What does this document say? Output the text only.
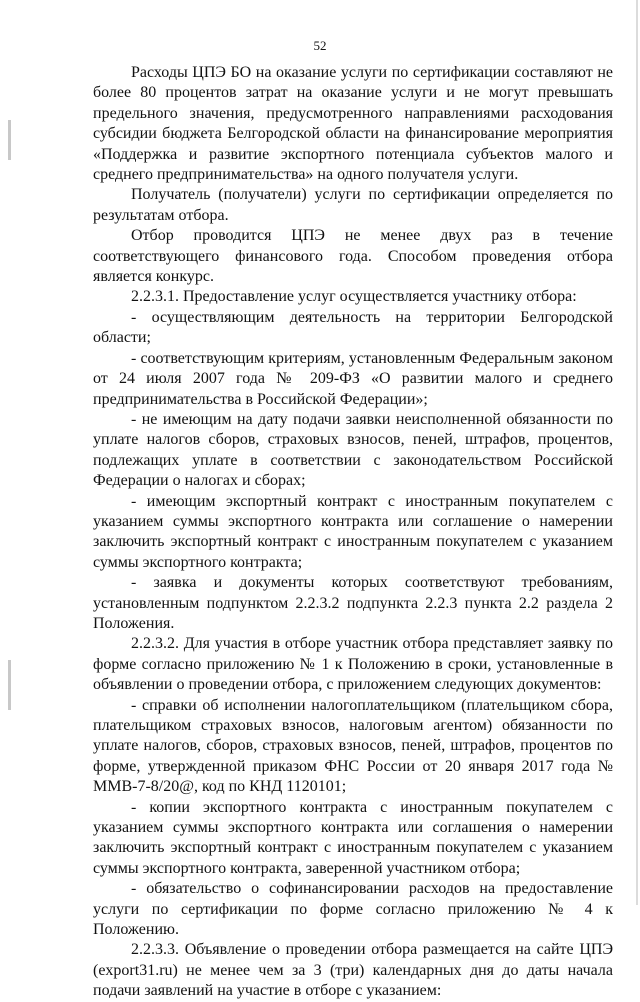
52

Расходы ЦПЭ БО на оказание услуги по сертификации составляют не более 80 процентов затрат на оказание услуги и не могут превышать предельного значения, предусмотренного направлениями расходования субсидии бюджета Белгородской области на финансирование мероприятия «Поддержка и развитие экспортного потенциала субъектов малого и среднего предпринимательства» на одного получателя услуги.

Получатель (получатели) услуги по сертификации определяется по результатам отбора.

Отбор проводится ЦПЭ не менее двух раз в течение соответствующего финансового года. Способом проведения отбора является конкурс.

2.2.3.1. Предоставление услуг осуществляется участнику отбора:

- осуществляющим деятельность на территории Белгородской области;

- соответствующим критериям, установленным Федеральным законом от 24 июля 2007 года № 209-ФЗ «О развитии малого и среднего предпринимательства в Российской Федерации»;

- не имеющим на дату подачи заявки неисполненной обязанности по уплате налогов сборов, страховых взносов, пеней, штрафов, процентов, подлежащих уплате в соответствии с законодательством Российской Федерации о налогах и сборах;

- имеющим экспортный контракт с иностранным покупателем с указанием суммы экспортного контракта или соглашение о намерении заключить экспортный контракт с иностранным покупателем с указанием суммы экспортного контракта;

- заявка и документы которых соответствуют требованиям, установленным подпунктом 2.2.3.2 подпункта 2.2.3 пункта 2.2 раздела 2 Положения.

2.2.3.2. Для участия в отборе участник отбора представляет заявку по форме согласно приложению № 1 к Положению в сроки, установленные в объявлении о проведении отбора, с приложением следующих документов:

- справки об исполнении налогоплательщиком (плательщиком сбора, плательщиком страховых взносов, налоговым агентом) обязанности по уплате налогов, сборов, страховых взносов, пеней, штрафов, процентов по форме, утвержденной приказом ФНС России от 20 января 2017 года № ММВ-7-8/20@, код по КНД 1120101;

- копии экспортного контракта с иностранным покупателем с указанием суммы экспортного контракта или соглашения о намерении заключить экспортный контракт с иностранным покупателем с указанием суммы экспортного контракта, заверенной участником отбора;

- обязательство о софинансировании расходов на предоставление услуги по сертификации по форме согласно приложению № 4 к Положению.

2.2.3.3. Объявление о проведении отбора размещается на сайте ЦПЭ (export31.ru) не менее чем за 3 (три) календарных дня до даты начала подачи заявлений на участие в отборе с указанием:
